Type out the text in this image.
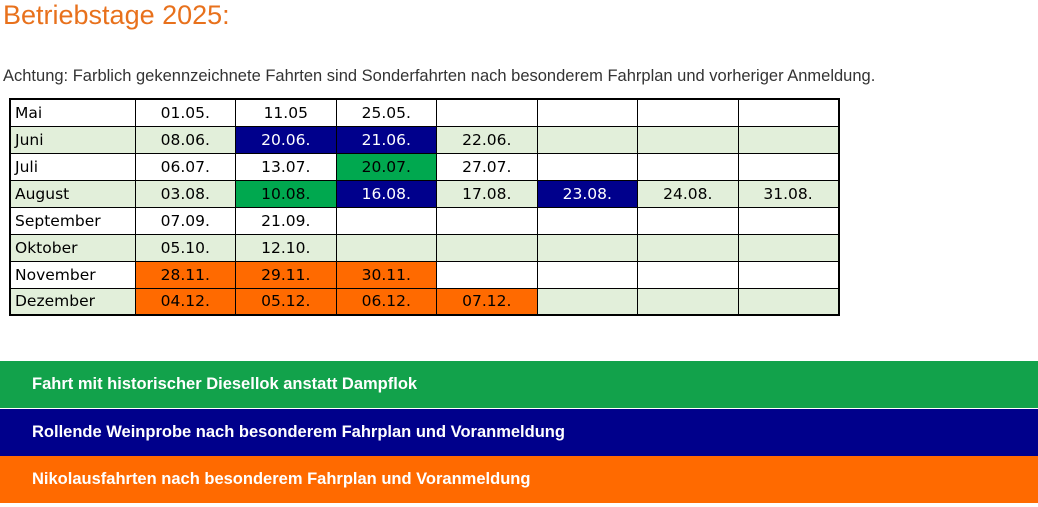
Betriebstage 2025:
Achtung: Farblich gekennzeichnete Fahrten sind Sonderfahrten nach besonderem Fahrplan und vorheriger Anmeldung.
Mai	01.05.	11.05	25.05.				
Juni	08.06.	20.06.	21.06.	22.06.			
Juli	06.07.	13.07.	20.07.	27.07.			
August	03.08.	10.08.	16.08.	17.08.	23.08.	24.08.	31.08.
September	07.09.	21.09.					
Oktober	05.10.	12.10.					
November	28.11.	29.11.	30.11.				
Dezember	04.12.	05.12.	06.12.	07.12.			
Fahrt mit historischer Diesellok anstatt Dampflok
Rollende Weinprobe nach besonderem Fahrplan und Voranmeldung
Nikolausfahrten nach besonderem Fahrplan und Voranmeldung
